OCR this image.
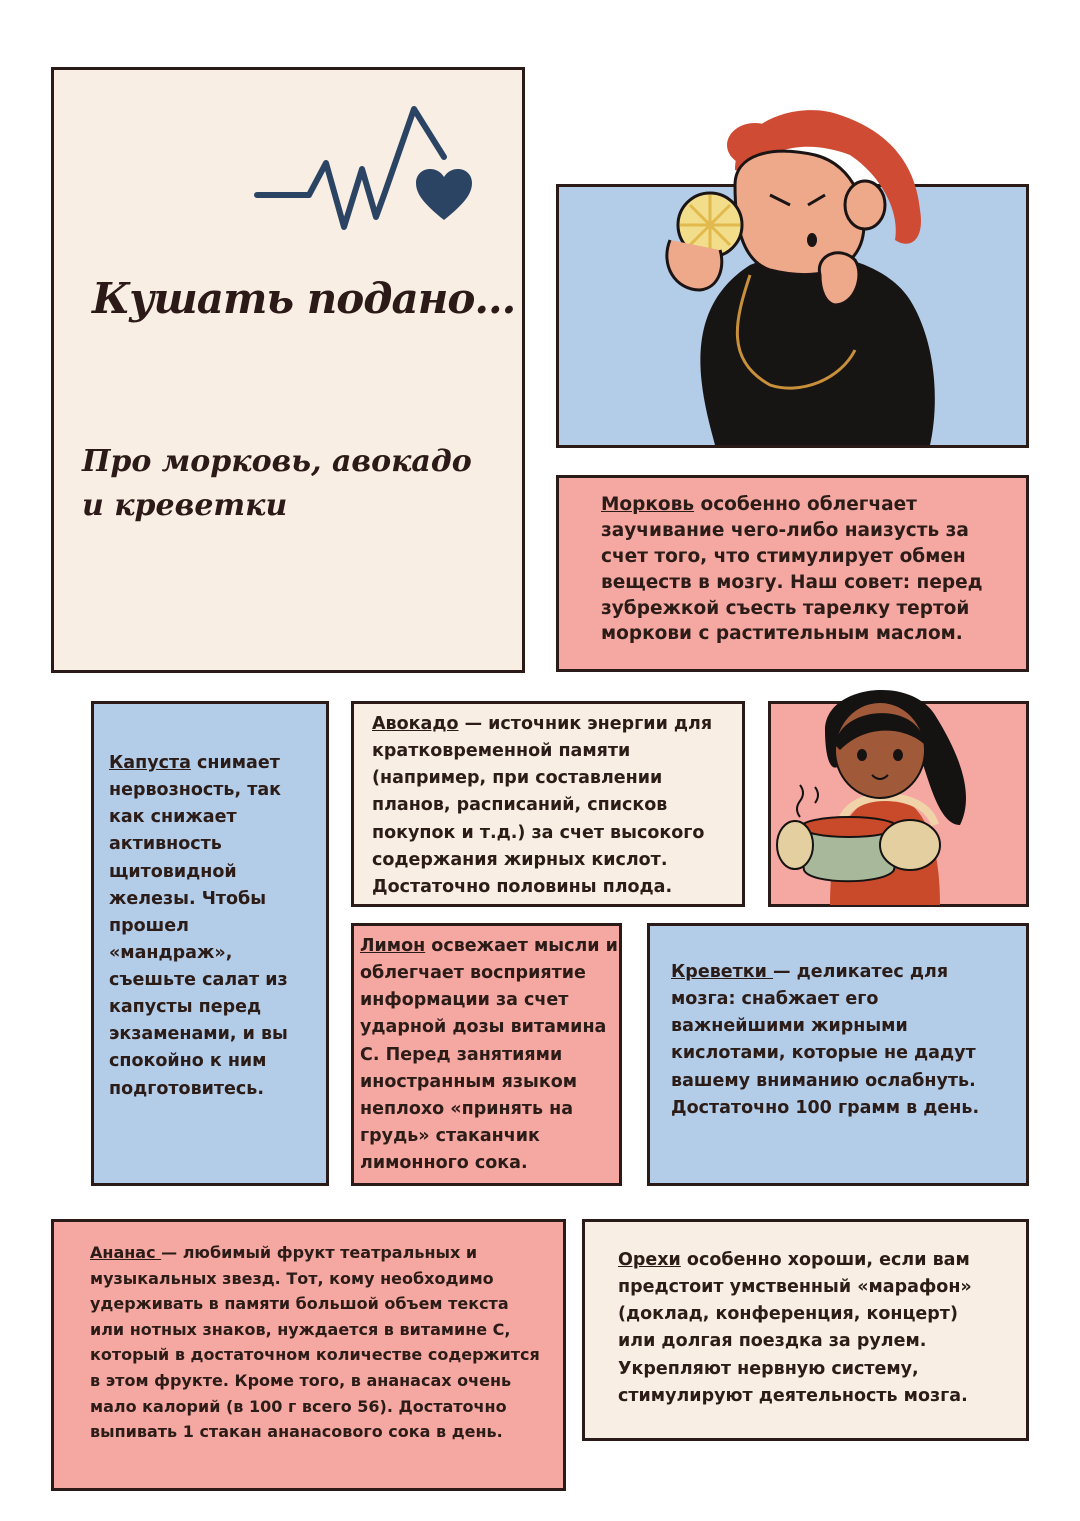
Кушать подано...
Про морковь, авокадо и креветки	Морковь особенно облегчает заучивание чего-либо наизусть за счет того, что стимулирует обмен веществ в мозгу. Наш совет: перед зубрежкой съесть тарелку тертой моркови с растительным маслом.
Капуста снимает нервозность, так как снижает активность щитовидной железы. Чтобы прошел «мандраж», съешьте салат из капусты перед экзаменами, и вы спокойно к ним подготовитесь.
Авокадо — источник энергии для кратковременной памяти (например, при составлении планов, расписаний, списков покупок и т.д.) за счет высокого содержания жирных кислот. Достаточно половины плода.
Лимон освежает мысли и облегчает восприятие информации за счет ударной дозы витамина С. Перед занятиями иностранным языком неплохо «принять на грудь» стаканчик лимонного сока.
Креветки — деликатес для мозга: снабжает его важнейшими жирными кислотами, которые не дадут вашему вниманию ослабнуть. Достаточно 100 грамм в день.
Ананас — любимый фрукт театральных и музыкальных звезд. Тот, кому необходимо удерживать в памяти большой объем текста или нотных знаков, нуждается в витамине С, который в достаточном количестве содержится в этом фрукте. Кроме того, в ананасах очень мало калорий (в 100 г всего 56). Достаточно выпивать 1 стакан ананасового сока в день.
Орехи особенно хороши, если вам предстоит умственный «марафон» (доклад, конференция, концерт) или долгая поездка за рулем. Укрепляют нервную систему, стимулируют деятельность мозга.
